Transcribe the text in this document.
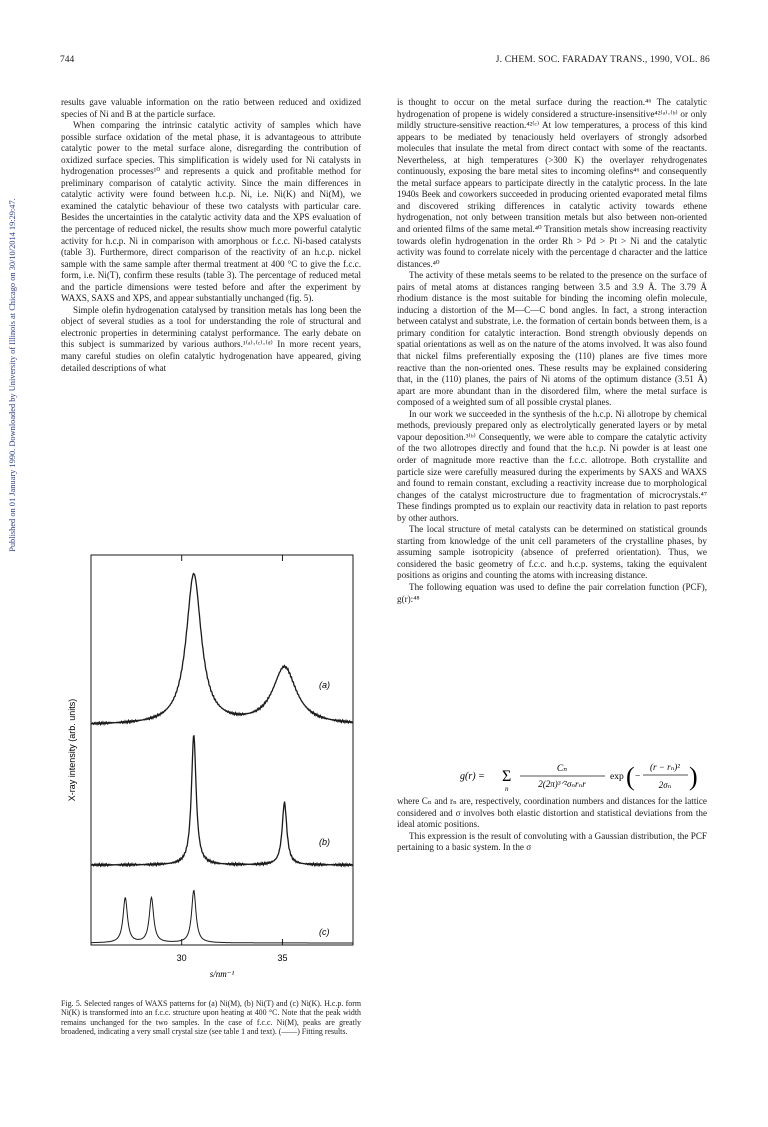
744	J. CHEM. SOC. FARADAY TRANS., 1990, VOL. 86
Published on 01 January 1990. Downloaded by University of Illinois at Chicago on 30/10/2014 19:29:47.

results gave valuable information on the ratio between reduced and oxidized species of Ni and B at the particle surface.

When comparing the intrinsic catalytic activity of samples which have possible surface oxidation of the metal phase, it is advantageous to attribute catalytic power to the metal surface alone, disregarding the contribution of oxidized surface species. This simplification is widely used for Ni catalysts in hydrogenation processes¹⁰ and represents a quick and profitable method for preliminary comparison of catalytic activity. Since the main differences in catalytic activity were found between h.c.p. Ni, i.e. Ni(K) and Ni(M), we examined the catalytic behaviour of these two catalysts with particular care. Besides the uncertainties in the catalytic activity data and the XPS evaluation of the percentage of reduced nickel, the results show much more powerful catalytic activity for h.c.p. Ni in comparison with amorphous or f.c.c. Ni-based catalysts (table 3). Furthermore, direct comparison of the reactivity of an h.c.p. nickel sample with the same sample after thermal treatment at 400 °C to give the f.c.c. form, i.e. Ni(T), confirm these results (table 3). The percentage of reduced metal and the particle dimensions were tested before and after the experiment by WAXS, SAXS and XPS, and appear substantially unchanged (fig. 5).

Simple olefin hydrogenation catalysed by transition metals has long been the object of several studies as a tool for understanding the role of structural and electronic properties in determining catalyst performance. The early debate on this subject is summarized by various authors.¹⁽ᵃ⁾·⁽ᶜ⁾·⁽ᵈ⁾ In more recent years, many careful studies on olefin catalytic hydrogenation have appeared, giving detailed descriptions of what

is thought to occur on the metal surface during the reaction.⁴⁶ The catalytic hydrogenation of propene is widely considered a structure-insensitive⁴²⁽ᵃ⁾·⁽ᵇ⁾ or only mildly structure-sensitive reaction.⁴²⁽ᶜ⁾ At low temperatures, a process of this kind appears to be mediated by tenaciously held overlayers of strongly adsorbed molecules that insulate the metal from direct contact with some of the reactants. Nevertheless, at high temperatures (>300 K) the overlayer rehydrogenates continuously, exposing the bare metal sites to incoming olefins⁴⁶ and consequently the metal surface appears to participate directly in the catalytic process. In the late 1940s Beek and coworkers succeeded in producing oriented evaporated metal films and discovered striking differences in catalytic activity towards ethene hydrogenation, not only between transition metals but also between non-oriented and oriented films of the same metal.⁴⁰ Transition metals show increasing reactivity towards olefin hydrogenation in the order Rh > Pd > Pt > Ni and the catalytic activity was found to correlate nicely with the percentage d character and the lattice distances.⁴⁰

The activity of these metals seems to be related to the presence on the surface of pairs of metal atoms at distances ranging between 3.5 and 3.9 Å. The 3.79 Å rhodium distance is the most suitable for binding the incoming olefin molecule, inducing a distortion of the M—C—C bond angles. In fact, a strong interaction between catalyst and substrate, i.e. the formation of certain bonds between them, is a primary condition for catalytic interaction. Bond strength obviously depends on spatial orientations as well as on the nature of the atoms involved. It was also found that nickel films preferentially exposing the (110) planes are five times more reactive than the non-oriented ones. These results may be explained considering that, in the (110) planes, the pairs of Ni atoms of the optimum distance (3.51 Å) apart are more abundant than in the disordered film, where the metal surface is composed of a weighted sum of all possible crystal planes.

In our work we succeeded in the synthesis of the h.c.p. Ni allotrope by chemical methods, previously prepared only as electrolytically generated layers or by metal vapour deposition.³⁽ᵇ⁾ Consequently, we were able to compare the catalytic activity of the two allotropes directly and found that the h.c.p. Ni powder is at least one order of magnitude more reactive than the f.c.c. allotrope. Both crystallite and particle size were carefully measured during the experiments by SAXS and WAXS and found to remain constant, excluding a reactivity increase due to morphological changes of the catalyst microstructure due to fragmentation of microcrystals.⁴⁷ These findings prompted us to explain our reactivity data in relation to past reports by other authors.

The local structure of metal catalysts can be determined on statistical grounds starting from knowledge of the unit cell parameters of the crystalline phases, by assuming sample isotropicity (absence of preferred orientation). Thus, we considered the basic geometry of f.c.c. and h.c.p. systems, taking the equivalent positions as origins and counting the atoms with increasing distance.

The following equation was used to define the pair correlation function (PCF), g(r):⁴⁸

g(r) = Σ
n
Cₙ
2(2π)³ᐟ²σₙrₙr
exp ( −
(r − rₙ)²
2σₙ )

where Cₙ and rₙ are, respectively, coordination numbers and distances for the lattice considered and σ involves both elastic distortion and statistical deviations from the ideal atomic positions.

This expression is the result of convoluting with a Gaussian distribution, the PCF pertaining to a basic system. In the σ

X-ray intensity (arb. units)
s/nm⁻¹
30	35
(a)
(b)
(c)
Fig. 5. Selected ranges of WAXS patterns for (a) Ni(M), (b) Ni(T) and (c) Ni(K). H.c.p. form Ni(K) is transformed into an f.c.c. structure upon heating at 400 °C. Note that the peak width remains unchanged for the two samples. In the case of f.c.c. Ni(M), peaks are greatly broadened, indicating a very small crystal size (see table 1 and text). (——) Fitting results.
